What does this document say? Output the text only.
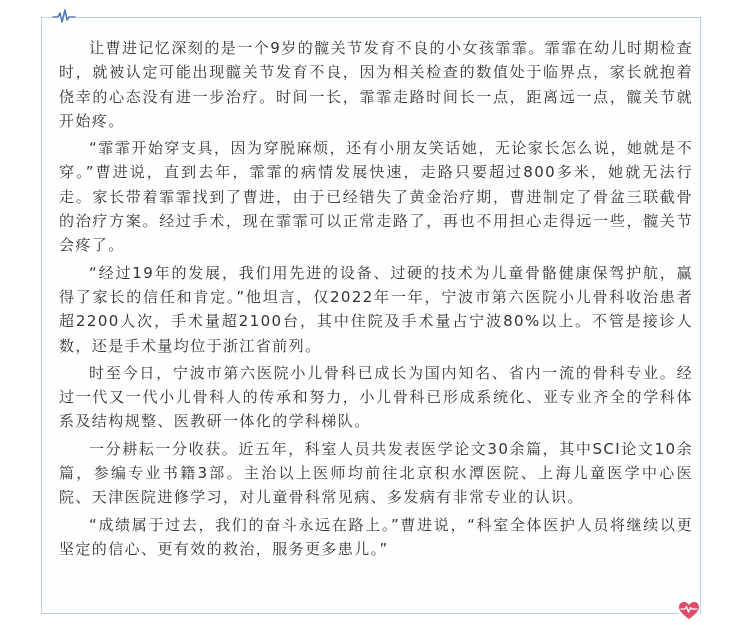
让曹进记忆深刻的是一个9岁的髋关节发育不良的小女孩霏霏。霏霏在幼儿时期检查时，就被认定可能出现髋关节发育不良，因为相关检查的数值处于临界点，家长就抱着侥幸的心态没有进一步治疗。时间一长，霏霏走路时间长一点，距离远一点，髋关节就开始疼。

“霏霏开始穿支具，因为穿脱麻烦，还有小朋友笑话她，无论家长怎么说，她就是不穿。”曹进说，直到去年，霏霏的病情发展快速，走路只要超过800多米，她就无法行走。家长带着霏霏找到了曹进，由于已经错失了黄金治疗期，曹进制定了骨盆三联截骨的治疗方案。经过手术，现在霏霏可以正常走路了，再也不用担心走得远一些，髋关节会疼了。

“经过19年的发展，我们用先进的设备、过硬的技术为儿童骨骼健康保驾护航，赢得了家长的信任和肯定。”他坦言，仅2022年一年，宁波市第六医院小儿骨科收治患者超2200人次，手术量超2100台，其中住院及手术量占宁波80%以上。不管是接诊人数，还是手术量均位于浙江省前列。

时至今日，宁波市第六医院小儿骨科已成长为国内知名、省内一流的骨科专业。经过一代又一代小儿骨科人的传承和努力，小儿骨科已形成系统化、亚专业齐全的学科体系及结构规整、医教研一体化的学科梯队。

一分耕耘一分收获。近五年，科室人员共发表医学论文30余篇，其中SCI论文10余篇，参编专业书籍3部。主治以上医师均前往北京积水潭医院、上海儿童医学中心医院、天津医院进修学习，对儿童骨科常见病、多发病有非常专业的认识。

“成绩属于过去，我们的奋斗永远在路上。”曹进说，“科室全体医护人员将继续以更坚定的信心、更有效的救治，服务更多患儿。”
